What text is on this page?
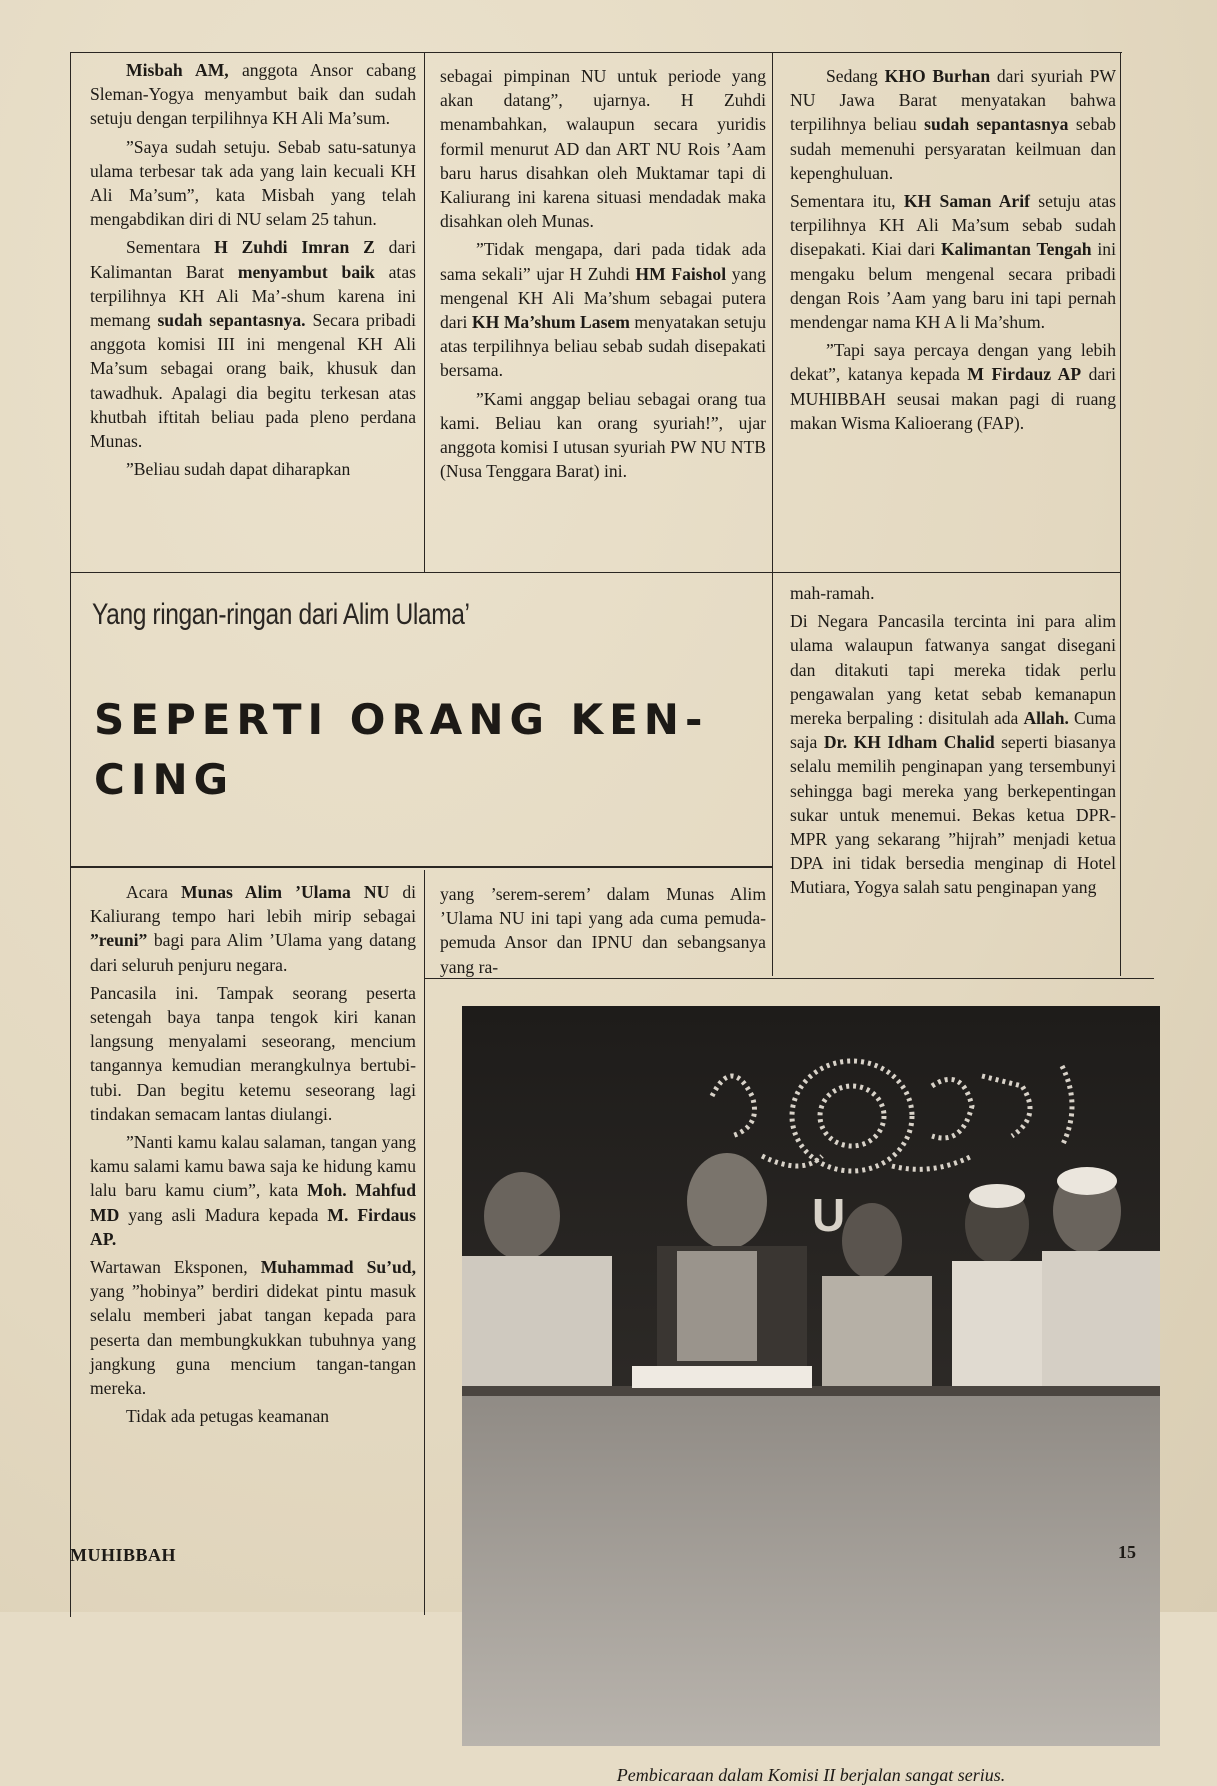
Misbah AM, anggota Ansor cabang Sleman-Yogya menyambut baik dan sudah setuju dengan terpilihnya KH Ali Ma’sum.

”Saya sudah setuju. Sebab satu-satunya ulama terbesar tak ada yang lain kecuali KH Ali Ma’sum”, kata Misbah yang telah mengabdikan diri di NU selam 25 tahun.

Sementara H Zuhdi Imran Z dari Kalimantan Barat menyambut baik atas terpilihnya KH Ali Ma’-shum karena ini memang sudah sepantasnya. Secara pribadi anggota komisi III ini mengenal KH Ali Ma’sum sebagai orang baik, khusuk dan tawadhuk. Apalagi dia begitu terkesan atas khutbah iftitah beliau pada pleno perdana Munas.

”Beliau sudah dapat diharapkan

sebagai pimpinan NU untuk periode yang akan datang”, ujarnya. H Zuhdi menambahkan, walaupun secara yuridis formil menurut AD dan ART NU Rois ’Aam baru harus disahkan oleh Muktamar tapi di Kaliurang ini karena situasi mendadak maka disahkan oleh Munas.

”Tidak mengapa, dari pada tidak ada sama sekali” ujar H Zuhdi HM Faishol yang mengenal KH Ali Ma’shum sebagai putera dari KH Ma’shum Lasem menyatakan setuju atas terpilihnya beliau sebab sudah disepakati bersama.

”Kami anggap beliau sebagai orang tua kami. Beliau kan orang syuriah!”, ujar anggota komisi I utusan syuriah PW NU NTB (Nusa Tenggara Barat) ini.

Sedang KHO Burhan dari syuriah PW NU Jawa Barat menyatakan bahwa terpilihnya beliau sudah sepantasnya sebab sudah memenuhi persyaratan keilmuan dan kepenghuluan.

Sementara itu, KH Saman Arif setuju atas terpilihnya KH Ali Ma’sum sebab sudah disepakati. Kiai dari Kalimantan Tengah ini mengaku belum mengenal secara pribadi dengan Rois ’Aam yang baru ini tapi pernah mendengar nama KH A li Ma’shum.

”Tapi saya percaya dengan yang lebih dekat”, katanya kepada M Firdauz AP dari MUHIBBAH seusai makan pagi di ruang makan Wisma Kalioerang (FAP).

Yang ringan-ringan dari Alim Ulama’
SEPERTI ORANG KEN-
CING

mah-ramah.

Di Negara Pancasila tercinta ini para alim ulama walaupun fatwanya sangat disegani dan ditakuti tapi mereka tidak perlu pengawalan yang ketat sebab kemanapun mereka berpaling : disitulah ada Allah. Cuma saja Dr. KH Idham Chalid seperti biasanya selalu memilih penginapan yang tersembunyi sehingga bagi mereka yang berkepentingan sukar untuk menemui. Bekas ketua DPR-MPR yang sekarang ”hijrah” menjadi ketua DPA ini tidak bersedia menginap di Hotel Mutiara, Yogya salah satu penginapan yang

Acara Munas Alim ’Ulama NU di Kaliurang tempo hari lebih mirip sebagai ”reuni” bagi para Alim ’Ulama yang datang dari seluruh penjuru negara.

Pancasila ini. Tampak seorang peserta setengah baya tanpa tengok kiri kanan langsung menyalami seseorang, mencium tangannya kemudian merangkulnya bertubi-tubi. Dan begitu ketemu seseorang lagi tindakan semacam lantas diulangi.

”Nanti kamu kalau salaman, tangan yang kamu salami kamu bawa saja ke hidung kamu lalu baru kamu cium”, kata Moh. Mahfud MD yang asli Madura kepada M. Firdaus AP.

Wartawan Eksponen, Muhammad Su’ud, yang ”hobinya” berdiri didekat pintu masuk selalu memberi jabat tangan kepada para peserta dan membungkukkan tubuhnya yang jangkung guna mencium tangan-tangan mereka.

Tidak ada petugas keamanan

yang ’serem-serem’ dalam Munas Alim ’Ulama NU ini tapi yang ada cuma pemuda-pemuda Ansor dan IPNU dan sebangsanya yang ra-

U
Pembicaraan dalam Komisi II berjalan sangat serius.
MUHIBBAH	15
